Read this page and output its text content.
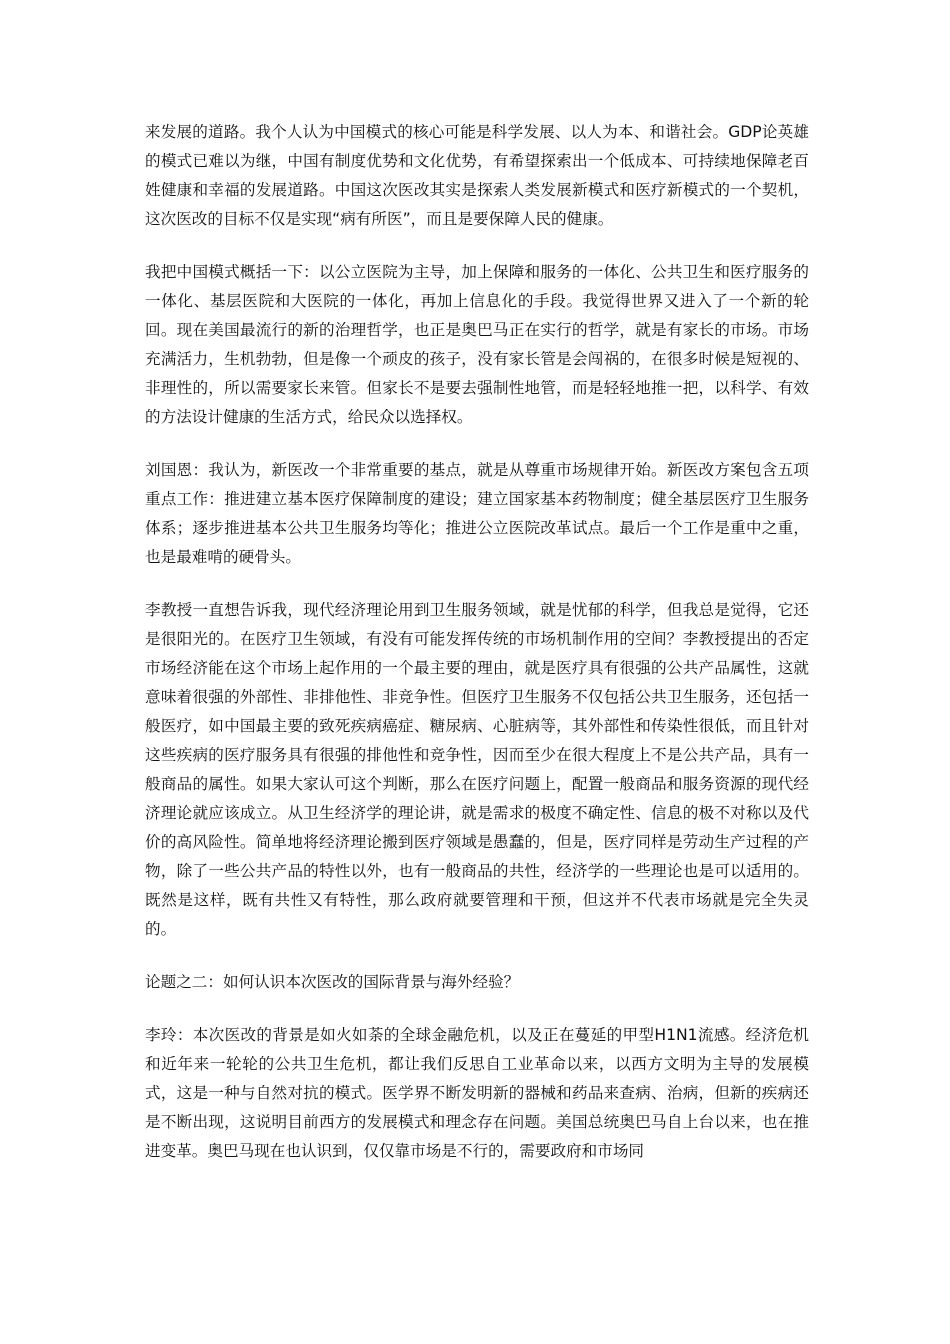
来发展的道路。我个人认为中国模式的核心可能是科学发展、以人为本、和谐社会。GDP论英雄的模式已难以为继，中国有制度优势和文化优势，有希望探索出一个低成本、可持续地保障老百姓健康和幸福的发展道路。中国这次医改其实是探索人类发展新模式和医疗新模式的一个契机，这次医改的目标不仅是实现“病有所医”，而且是要保障人民的健康。

我把中国模式概括一下：以公立医院为主导，加上保障和服务的一体化、公共卫生和医疗服务的一体化、基层医院和大医院的一体化，再加上信息化的手段。我觉得世界又进入了一个新的轮回。现在美国最流行的新的治理哲学，也正是奥巴马正在实行的哲学，就是有家长的市场。市场充满活力，生机勃勃，但是像一个顽皮的孩子，没有家长管是会闯祸的，在很多时候是短视的、非理性的，所以需要家长来管。但家长不是要去强制性地管，而是轻轻地推一把，以科学、有效的方法设计健康的生活方式，给民众以选择权。

刘国恩：我认为，新医改一个非常重要的基点，就是从尊重市场规律开始。新医改方案包含五项重点工作：推进建立基本医疗保障制度的建设；建立国家基本药物制度；健全基层医疗卫生服务体系；逐步推进基本公共卫生服务均等化；推进公立医院改革试点。最后一个工作是重中之重，也是最难啃的硬骨头。

李教授一直想告诉我，现代经济理论用到卫生服务领域，就是忧郁的科学，但我总是觉得，它还是很阳光的。在医疗卫生领域，有没有可能发挥传统的市场机制作用的空间？李教授提出的否定市场经济能在这个市场上起作用的一个最主要的理由，就是医疗具有很强的公共产品属性，这就意味着很强的外部性、非排他性、非竞争性。但医疗卫生服务不仅包括公共卫生服务，还包括一般医疗，如中国最主要的致死疾病癌症、糖尿病、心脏病等，其外部性和传染性很低，而且针对这些疾病的医疗服务具有很强的排他性和竞争性，因而至少在很大程度上不是公共产品，具有一般商品的属性。如果大家认可这个判断，那么在医疗问题上，配置一般商品和服务资源的现代经济理论就应该成立。从卫生经济学的理论讲，就是需求的极度不确定性、信息的极不对称以及代价的高风险性。简单地将经济理论搬到医疗领域是愚蠢的，但是，医疗同样是劳动生产过程的产物，除了一些公共产品的特性以外，也有一般商品的共性，经济学的一些理论也是可以适用的。既然是这样，既有共性又有特性，那么政府就要管理和干预，但这并不代表市场就是完全失灵的。

论题之二：如何认识本次医改的国际背景与海外经验？

李玲：本次医改的背景是如火如荼的全球金融危机，以及正在蔓延的甲型H1N1流感。经济危机和近年来一轮轮的公共卫生危机，都让我们反思自工业革命以来，以西方文明为主导的发展模式，这是一种与自然对抗的模式。医学界不断发明新的器械和药品来查病、治病，但新的疾病还是不断出现，这说明目前西方的发展模式和理念存在问题。美国总统奥巴马自上台以来，也在推进变革。奥巴马现在也认识到，仅仅靠市场是不行的，需要政府和市场同
